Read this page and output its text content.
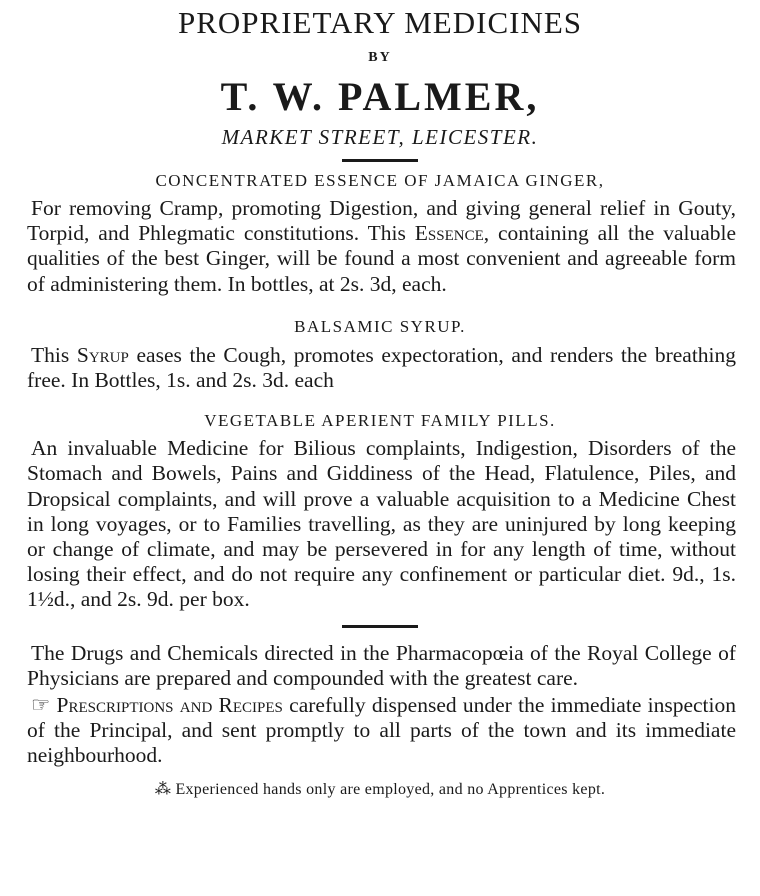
PROPRIETARY MEDICINES

BY

T. W. PALMER,

MARKET STREET, LEICESTER.

CONCENTRATED ESSENCE OF JAMAICA GINGER,

For removing Cramp, promoting Digestion, and giving general relief in Gouty, Torpid, and Phlegmatic constitutions. This Essence, containing all the valuable qualities of the best Ginger, will be found a most convenient and agreeable form of administering them. In bottles, at 2s. 3d, each.

BALSAMIC SYRUP.

This Syrup eases the Cough, promotes expectoration, and renders the breathing free. In Bottles, 1s. and 2s. 3d. each

VEGETABLE APERIENT FAMILY PILLS.

An invaluable Medicine for Bilious complaints, Indigestion, Disorders of the Stomach and Bowels, Pains and Giddiness of the Head, Flatulence, Piles, and Dropsical complaints, and will prove a valuable acquisition to a Medicine Chest in long voyages, or to Families travelling, as they are uninjured by long keeping or change of climate, and may be persevered in for any length of time, without losing their effect, and do not require any confinement or particular diet. 9d., 1s. 1½d., and 2s. 9d. per box.

The Drugs and Chemicals directed in the Pharmacopœia of the Royal College of Physicians are prepared and compounded with the greatest care.

☞ Prescriptions and Recipes carefully dispensed under the immediate inspection of the Principal, and sent promptly to all parts of the town and its immediate neighbourhood.

⁂ Experienced hands only are employed, and no Apprentices kept.
